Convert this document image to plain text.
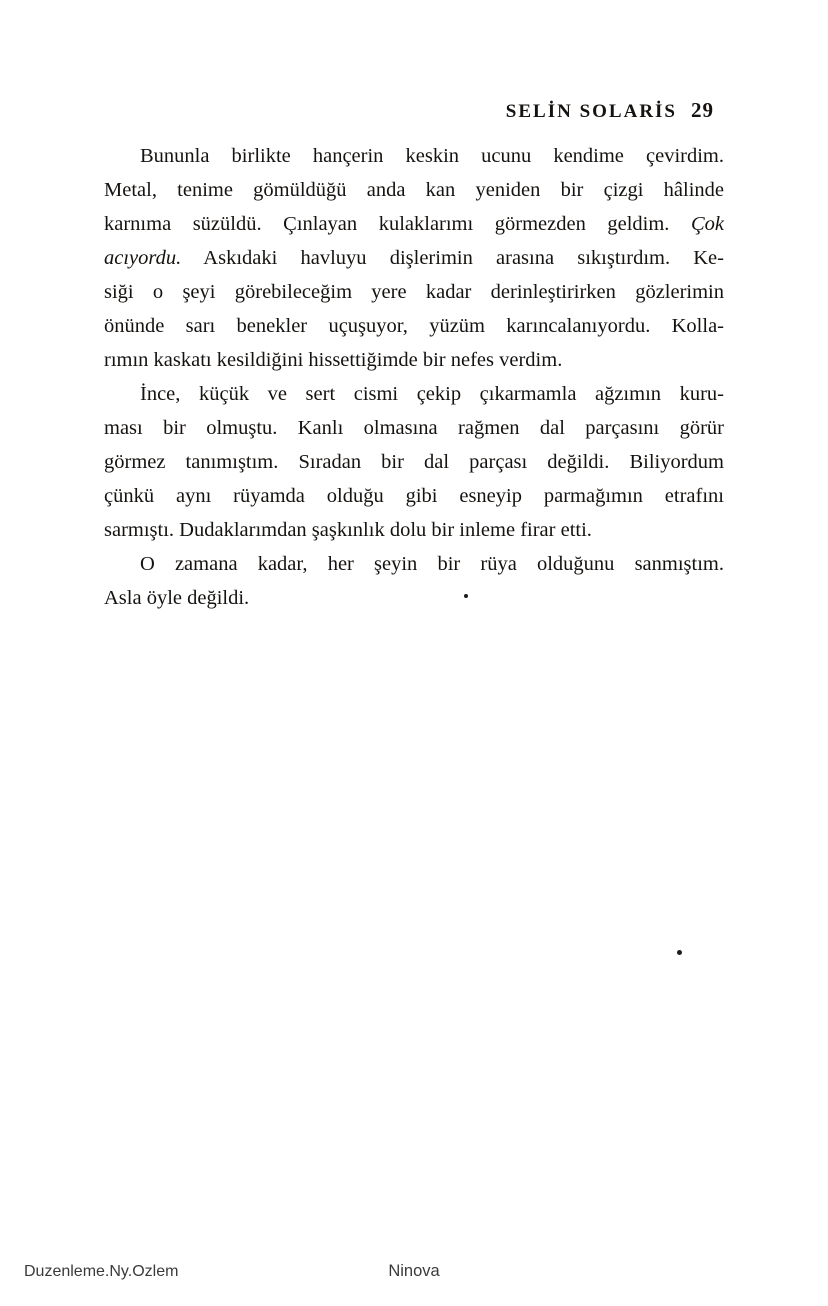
SELİN SOLARİS 29
Bununla birlikte hançerin keskin ucunu kendime çevirdim.
Metal, tenime gömüldüğü anda kan yeniden bir çizgi hâlinde
karnıma süzüldü. Çınlayan kulaklarımı görmezden geldim. Çok
acıyordu. Askıdaki havluyu dişlerimin arasına sıkıştırdım. Ke-
siği o şeyi görebileceğim yere kadar derinleştirirken gözlerimin
önünde sarı benekler uçuşuyor, yüzüm karıncalanıyordu. Kolla-
rımın kaskatı kesildiğini hissettiğimde bir nefes verdim.
İnce, küçük ve sert cismi çekip çıkarmamla ağzımın kuru-
ması bir olmuştu. Kanlı olmasına rağmen dal parçasını görür
görmez tanımıştım. Sıradan bir dal parçası değildi. Biliyordum
çünkü aynı rüyamda olduğu gibi esneyip parmağımın etrafını
sarmıştı. Dudaklarımdan şaşkınlık dolu bir inleme firar etti.
O zamana kadar, her şeyin bir rüya olduğunu sanmıştım.
Asla öyle değildi.
Duzenleme.Ny.Ozlem	Ninova
